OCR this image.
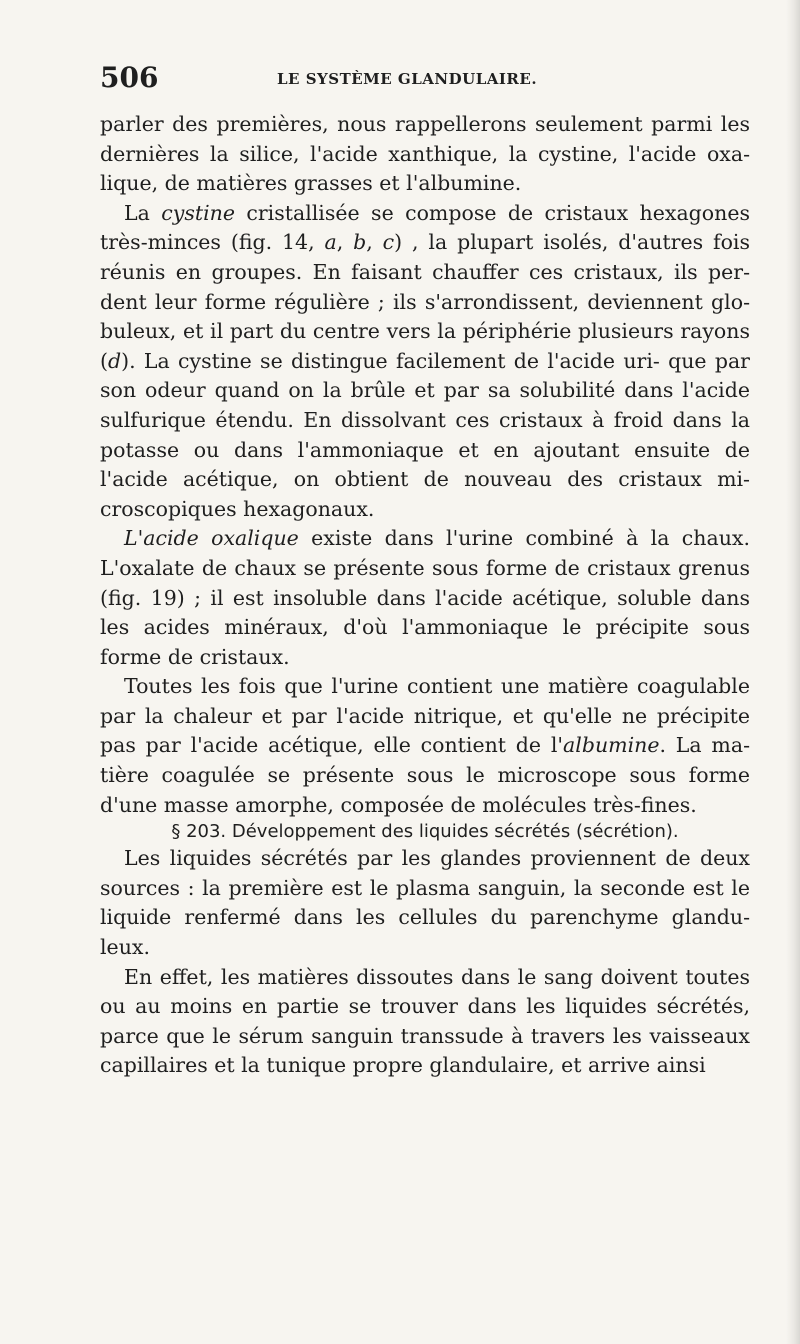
506	LE SYSTÈME GLANDULAIRE.

parler des premières, nous rappellerons seulement parmi les dernières la silice, l'acide xanthique, la cystine, l'acide oxa- lique, de matières grasses et l'albumine.

La cystine cristallisée se compose de cristaux hexagones très-minces (fig. 14, a, b, c) , la plupart isolés, d'autres fois réunis en groupes. En faisant chauffer ces cristaux, ils per- dent leur forme régulière ; ils s'arrondissent, deviennent glo- buleux, et il part du centre vers la périphérie plusieurs rayons (d). La cystine se distingue facilement de l'acide uri- que par son odeur quand on la brûle et par sa solubilité dans l'acide sulfurique étendu. En dissolvant ces cristaux à froid dans la potasse ou dans l'ammoniaque et en ajoutant ensuite de l'acide acétique, on obtient de nouveau des cristaux mi- croscopiques hexagonaux.

L'acide oxalique existe dans l'urine combiné à la chaux. L'oxalate de chaux se présente sous forme de cristaux grenus (fig. 19) ; il est insoluble dans l'acide acétique, soluble dans les acides minéraux, d'où l'ammoniaque le précipite sous forme de cristaux.

Toutes les fois que l'urine contient une matière coagulable par la chaleur et par l'acide nitrique, et qu'elle ne précipite pas par l'acide acétique, elle contient de l'albumine. La ma- tière coagulée se présente sous le microscope sous forme d'une masse amorphe, composée de molécules très-fines.

§ 203. Développement des liquides sécrétés (sécrétion).

Les liquides sécrétés par les glandes proviennent de deux sources : la première est le plasma sanguin, la seconde est le liquide renfermé dans les cellules du parenchyme glandu- leux.

En effet, les matières dissoutes dans le sang doivent toutes ou au moins en partie se trouver dans les liquides sécrétés, parce que le sérum sanguin transsude à travers les vaisseaux capillaires et la tunique propre glandulaire, et arrive ainsi
